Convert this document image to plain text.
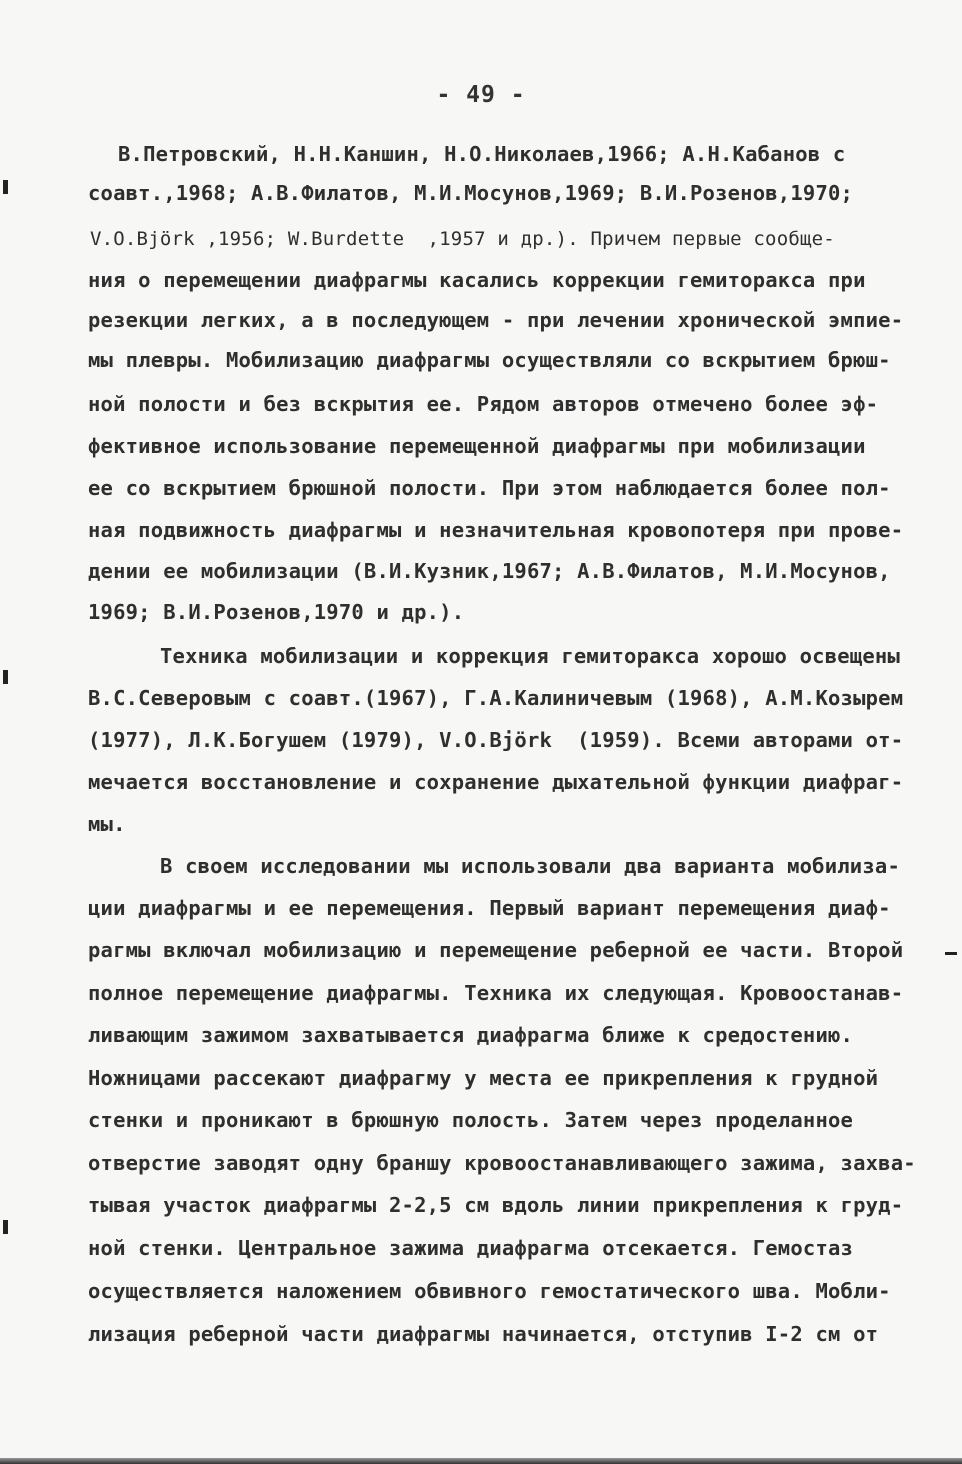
- 49 -
В.Петровский, Н.Н.Каншин, Н.О.Николаев,1966; А.Н.Кабанов с
соавт.,1968; А.В.Филатов, М.И.Мосунов,1969; В.И.Розенов,1970;
V.O.Björk ,1956; W.Burdette  ,1957 и др.). Причем первые сообще-
ния о перемещении диафрагмы касались коррекции гемиторакса при
резекции легких, а в последующем - при лечении хронической эмпие-
мы плевры. Мобилизацию диафрагмы осуществляли со вскрытием брюш-
ной полости и без вскрытия ее. Рядом авторов отмечено более эф-
фективное использование перемещенной диафрагмы при мобилизации
ее со вскрытием брюшной полости. При этом наблюдается более пол-
ная подвижность диафрагмы и незначительная кровопотеря при прове-
дении ее мобилизации (В.И.Кузник,1967; А.В.Филатов, М.И.Мосунов,
1969; В.И.Розенов,1970 и др.).
Техника мобилизации и коррекция гемиторакса хорошо освещены
В.С.Северовым с соавт.(1967), Г.А.Калиничевым (1968), А.М.Козырем
(1977), Л.К.Богушем (1979), V.O.Björk  (1959). Всеми авторами от-
мечается восстановление и сохранение дыхательной функции диафраг-
мы.
В своем исследовании мы использовали два варианта мобилиза-
ции диафрагмы и ее перемещения. Первый вариант перемещения диаф-
рагмы включал мобилизацию и перемещение реберной ее части. Второй
полное перемещение диафрагмы. Техника их следующая. Кровоостанав-
ливающим зажимом захватывается диафрагма ближе к средостению.
Ножницами рассекают диафрагму у места ее прикрепления к грудной
стенки и проникают в брюшную полость. Затем через проделанное
отверстие заводят одну браншу кровоостанавливающего зажима, захва-
тывая участок диафрагмы 2-2,5 см вдоль линии прикрепления к груд-
ной стенки. Центральное зажима диафрагма отсекается. Гемостаз
осуществляется наложением обвивного гемостатического шва. Мобли-
лизация реберной части диафрагмы начинается, отступив I-2 см от
